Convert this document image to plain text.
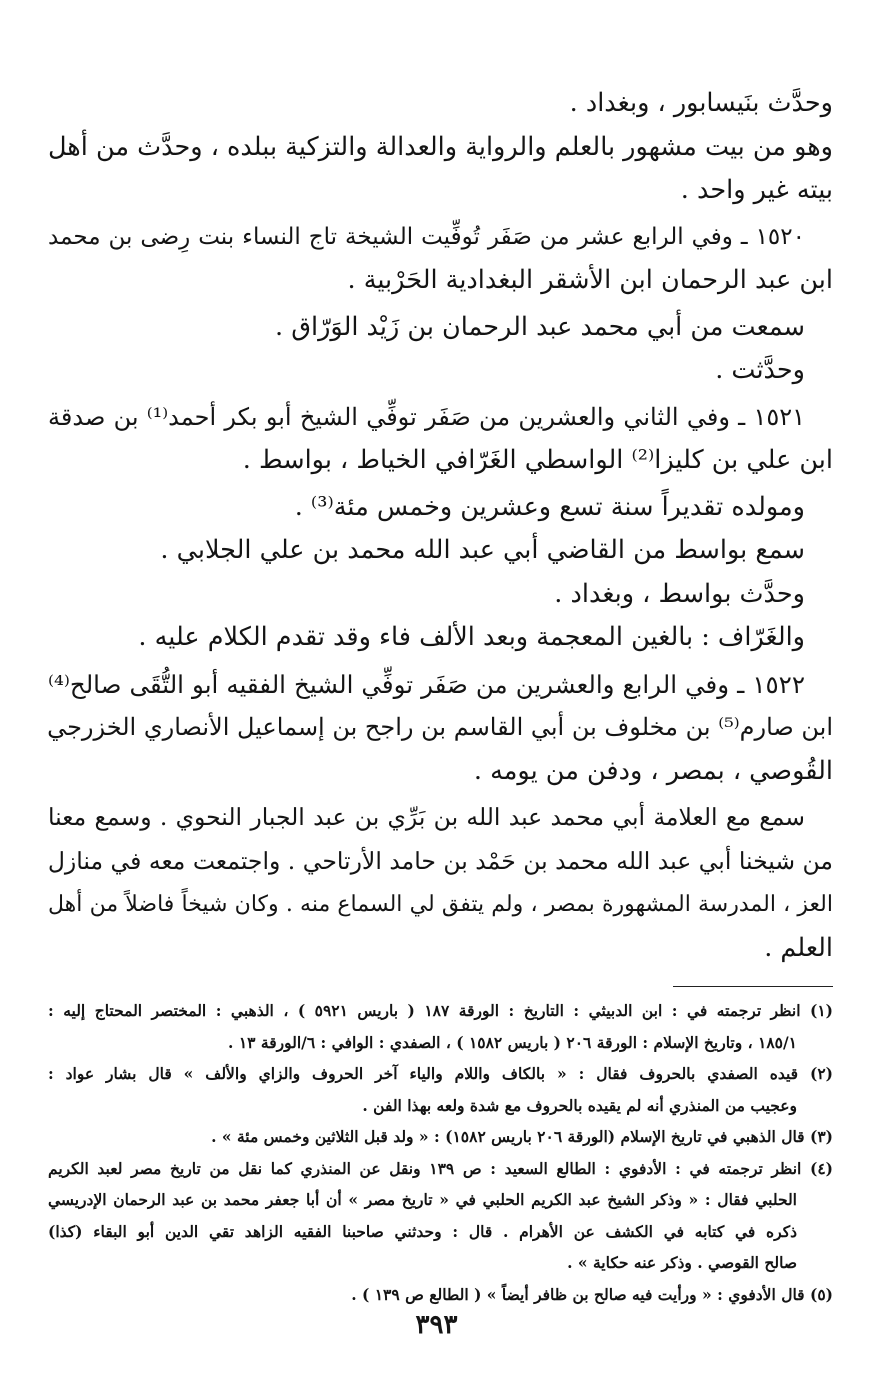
وحدَّث بنَيسابور ، وبغداد .

وهو من بيت مشهور بالعلم والرواية والعدالة والتزكية ببلده ، وحدَّث من أهل

بيته غير واحد .

١٥٢٠ ـ وفي الرابع عشر من صَفَر تُوفِّيت الشيخة تاج النساء بنت رِضى بن محمد

ابن عبد الرحمان ابن الأشقر البغدادية الحَرْبية .

سمعت من أبي محمد عبد الرحمان بن زَيْد الوَرّاق .

وحدَّثت .

١٥٢١ ـ وفي الثاني والعشرين من صَفَر توفِّي الشيخ أبو بكر أحمد⁽¹⁾ بن صدقة

ابن علي بن كليزا⁽²⁾ الواسطي الغَرّافي الخياط ، بواسط .

ومولده تقديراً سنة تسع وعشرين وخمس مئة⁽³⁾ .

سمع بواسط من القاضي أبي عبد الله محمد بن علي الجلابي .

وحدَّث بواسط ، وبغداد .

والغَرّاف : بالغين المعجمة وبعد الألف فاء وقد تقدم الكلام عليه .

١٥٢٢ ـ وفي الرابع والعشرين من صَفَر توفِّي الشيخ الفقيه أبو التُّقَى صالح⁽⁴⁾

ابن صارم⁽⁵⁾ بن مخلوف بن أبي القاسم بن راجح بن إسماعيل الأنصاري الخزرجي

القُوصي ، بمصر ، ودفن من يومه .

سمع مع العلامة أبي محمد عبد الله بن بَرِّي بن عبد الجبار النحوي . وسمع معنا

من شيخنا أبي عبد الله محمد بن حَمْد بن حامد الأرتاحي . واجتمعت معه في منازل

العز ، المدرسة المشهورة بمصر ، ولم يتفق لي السماع منه . وكان شيخاً فاضلاً من أهل

العلم .

(١) انظر ترجمته في : ابن الدبيثي : التاريخ : الورقة ١٨٧ ( باريس ٥٩٢١ ) ، الذهبي : المختصر المحتاج إليه :

١٨٥/١ ، وتاريخ الإسلام : الورقة ٢٠٦ ( باريس ١٥٨٢ ) ، الصفدي : الوافي : ٦/الورقة ١٣ .

(٢) قيده الصفدي بالحروف فقال : « بالكاف واللام والياء آخر الحروف والزاي والألف » قال بشار عواد :

وعجيب من المنذري أنه لم يقيده بالحروف مع شدة ولعه بهذا الفن .

(٣) قال الذهبي في تاريخ الإسلام (الورقة ٢٠٦ باريس ١٥٨٢) : « ولد قبل الثلاثين وخمس مئة » .

(٤) انظر ترجمته في : الأدفوي : الطالع السعيد : ص ١٣٩ ونقل عن المنذري كما نقل من تاريخ مصر لعبد الكريم

الحلبي فقال : « وذكر الشيخ عبد الكريم الحلبي في « تاريخ مصر » أن أبا جعفر محمد بن عبد الرحمان الإدريسي

ذكره في كتابه في الكشف عن الأهرام . قال : وحدثني صاحبنا الفقيه الزاهد تقي الدين أبو البقاء (كذا)

صالح القوصي . وذكر عنه حكاية » .

(٥) قال الأدفوي : « ورأيت فيه صالح بن ظافر أيضاً » ( الطالع ص ١٣٩ ) .

٣٩٣
